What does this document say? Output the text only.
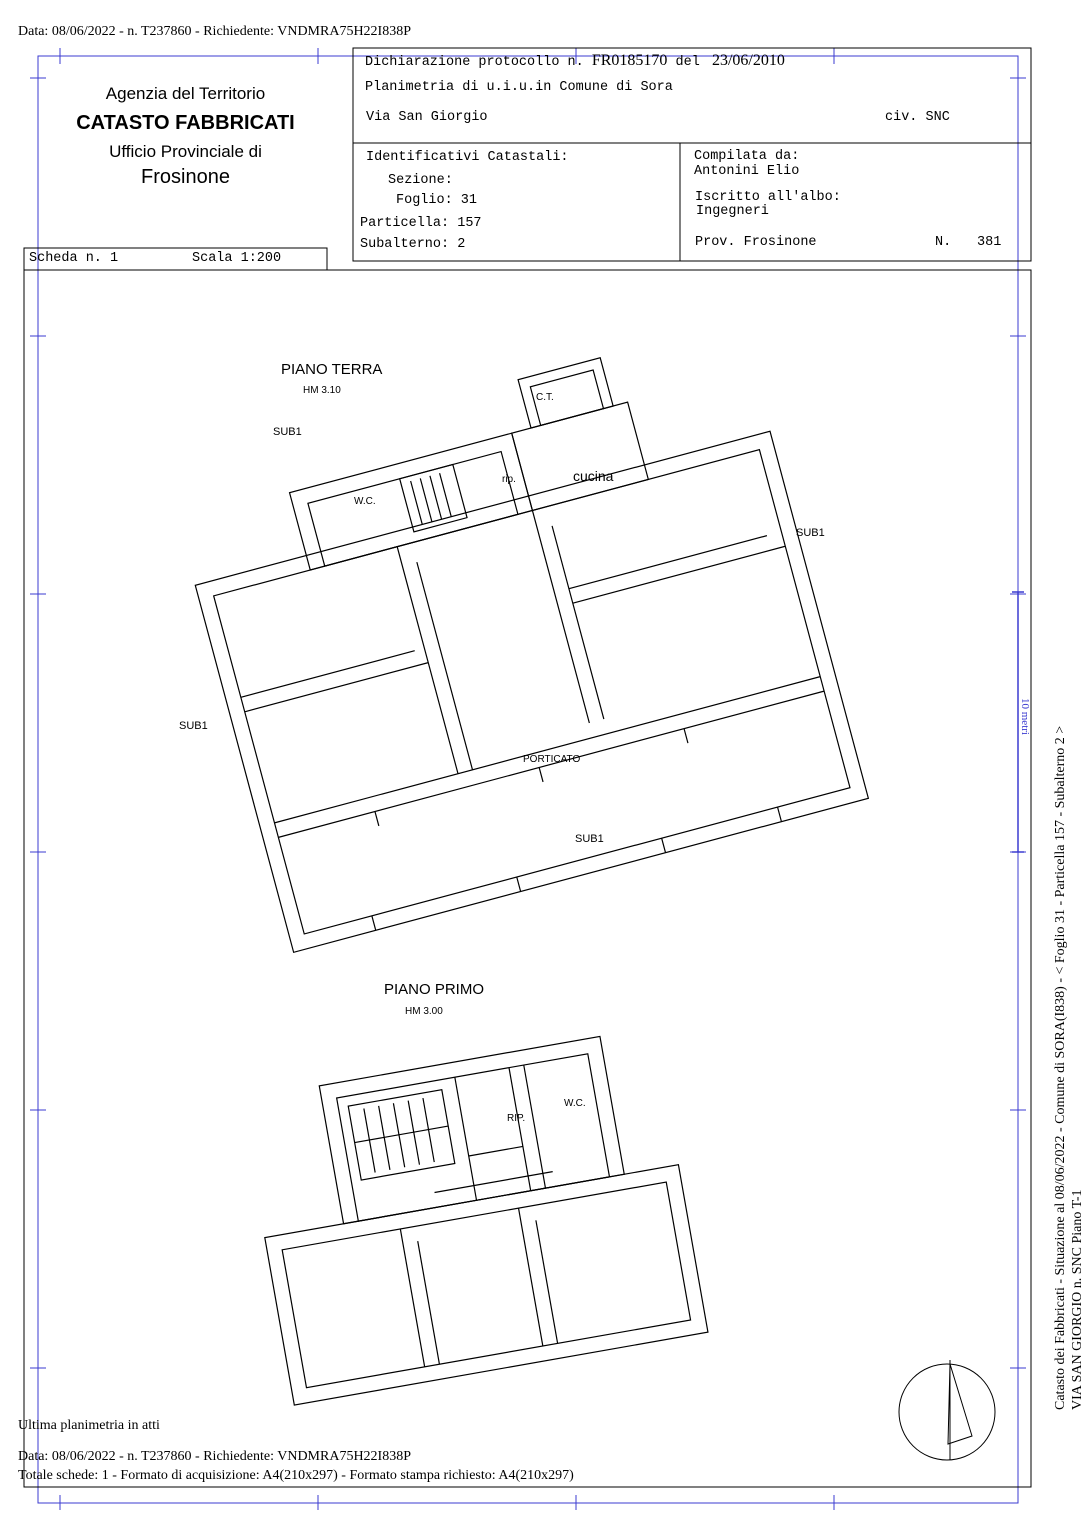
Data: 08/06/2022 - n. T237860 - Richiedente: VNDMRA75H22I838P
Agenzia del Territorio
CATASTO FABBRICATI
Ufficio Provinciale di
Frosinone
Dichiarazione protocollo n. FR0185170 del 23/06/2010
Planimetria di u.i.u.in Comune di Sora
Via San Giorgio	civ. SNC
Identificativi Catastali:
Sezione:
Foglio: 31
Particella: 157
Subalterno: 2
Compilata da:
Antonini Elio
Iscritto all'albo:
Ingegneri
Prov. Frosinone	N. 381
Scheda n. 1	Scala 1:200
PIANO TERRA
HM 3.10
SUB1
C.T.
W.C.
rip.	cucina
SUB1
SUB1
PORTICATO
SUB1
PIANO PRIMO
HM 3.00
RIP.
W.C.
10 metri
Catasto dei Fabbricati - Situazione al 08/06/2022 - Comune di SORA(I838) - < Foglio 31 - Particella 157 - Subalterno 2 > VIA SAN GIORGIO n. SNC Piano T-1
Ultima planimetria in atti
Data: 08/06/2022 - n. T237860 - Richiedente: VNDMRA75H22I838P
Totale schede: 1 - Formato di acquisizione: A4(210x297) - Formato stampa richiesto: A4(210x297)
